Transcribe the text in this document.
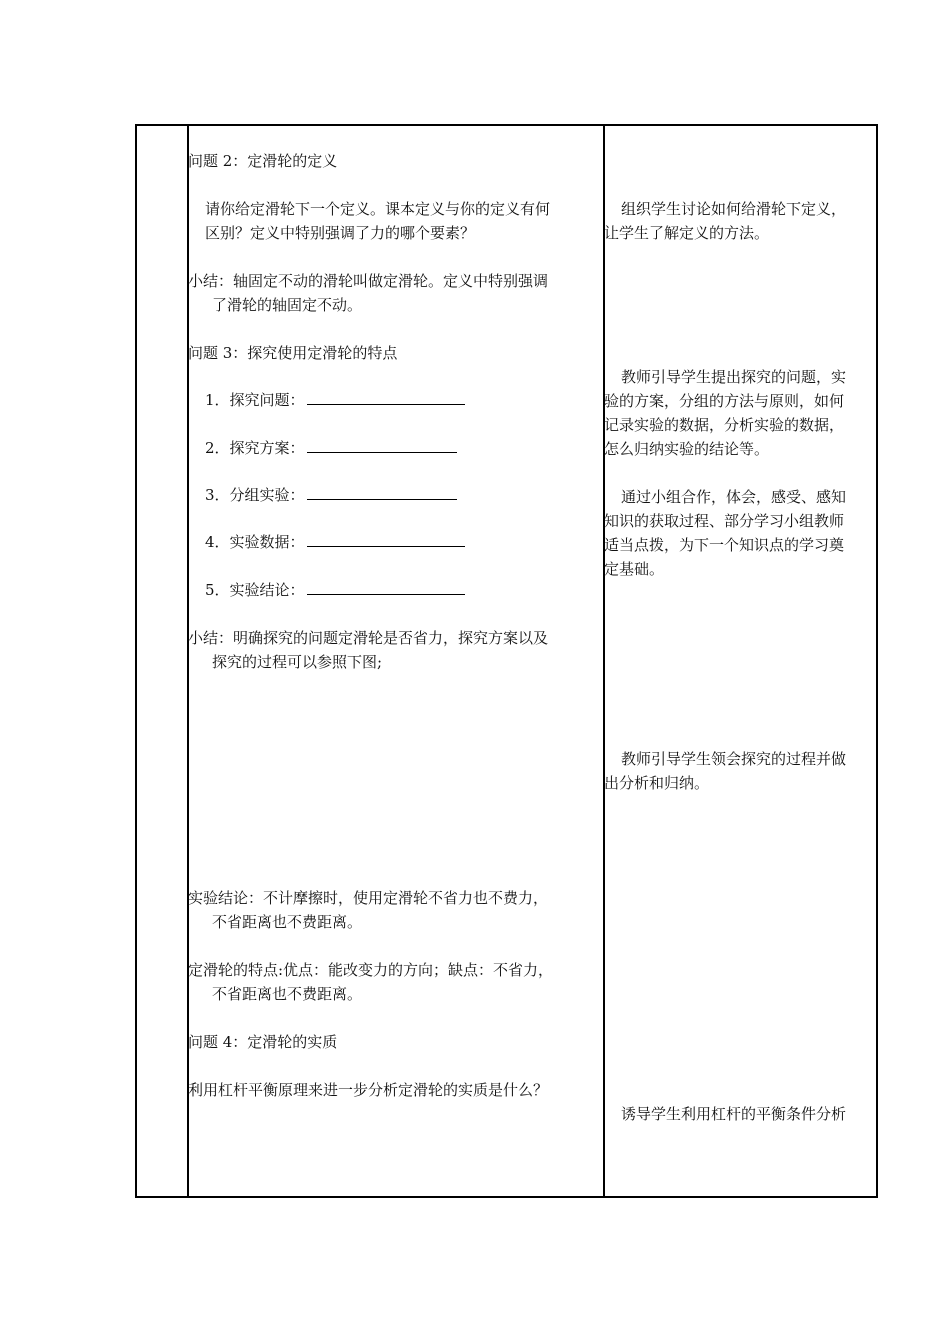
问题 2：定滑轮的定义
请你给定滑轮下一个定义。课本定义与你的定义有何
区别？定义中特别强调了力的哪个要素？
小结：轴固定不动的滑轮叫做定滑轮。定义中特别强调
了滑轮的轴固定不动。
问题 3：探究使用定滑轮的特点
1．探究问题：
2．探究方案：
3．分组实验：
4．实验数据：
5．实验结论：
小结：明确探究的问题定滑轮是否省力，探究方案以及
探究的过程可以参照下图;
实验结论：不计摩擦时，使用定滑轮不省力也不费力，
不省距离也不费距离。
定滑轮的特点:优点：能改变力的方向；缺点：不省力，
不省距离也不费距离。
问题 4：定滑轮的实质
利用杠杆平衡原理来进一步分析定滑轮的实质是什么？
组织学生讨论如何给滑轮下定义，
让学生了解定义的方法。
教师引导学生提出探究的问题，实
验的方案，分组的方法与原则，如何
记录实验的数据，分析实验的数据，
怎么归纳实验的结论等。
通过小组合作，体会，感受、感知
知识的获取过程、部分学习小组教师
适当点拨，为下一个知识点的学习奠
定基础。
教师引导学生领会探究的过程并做
出分析和归纳。
诱导学生利用杠杆的平衡条件分析
